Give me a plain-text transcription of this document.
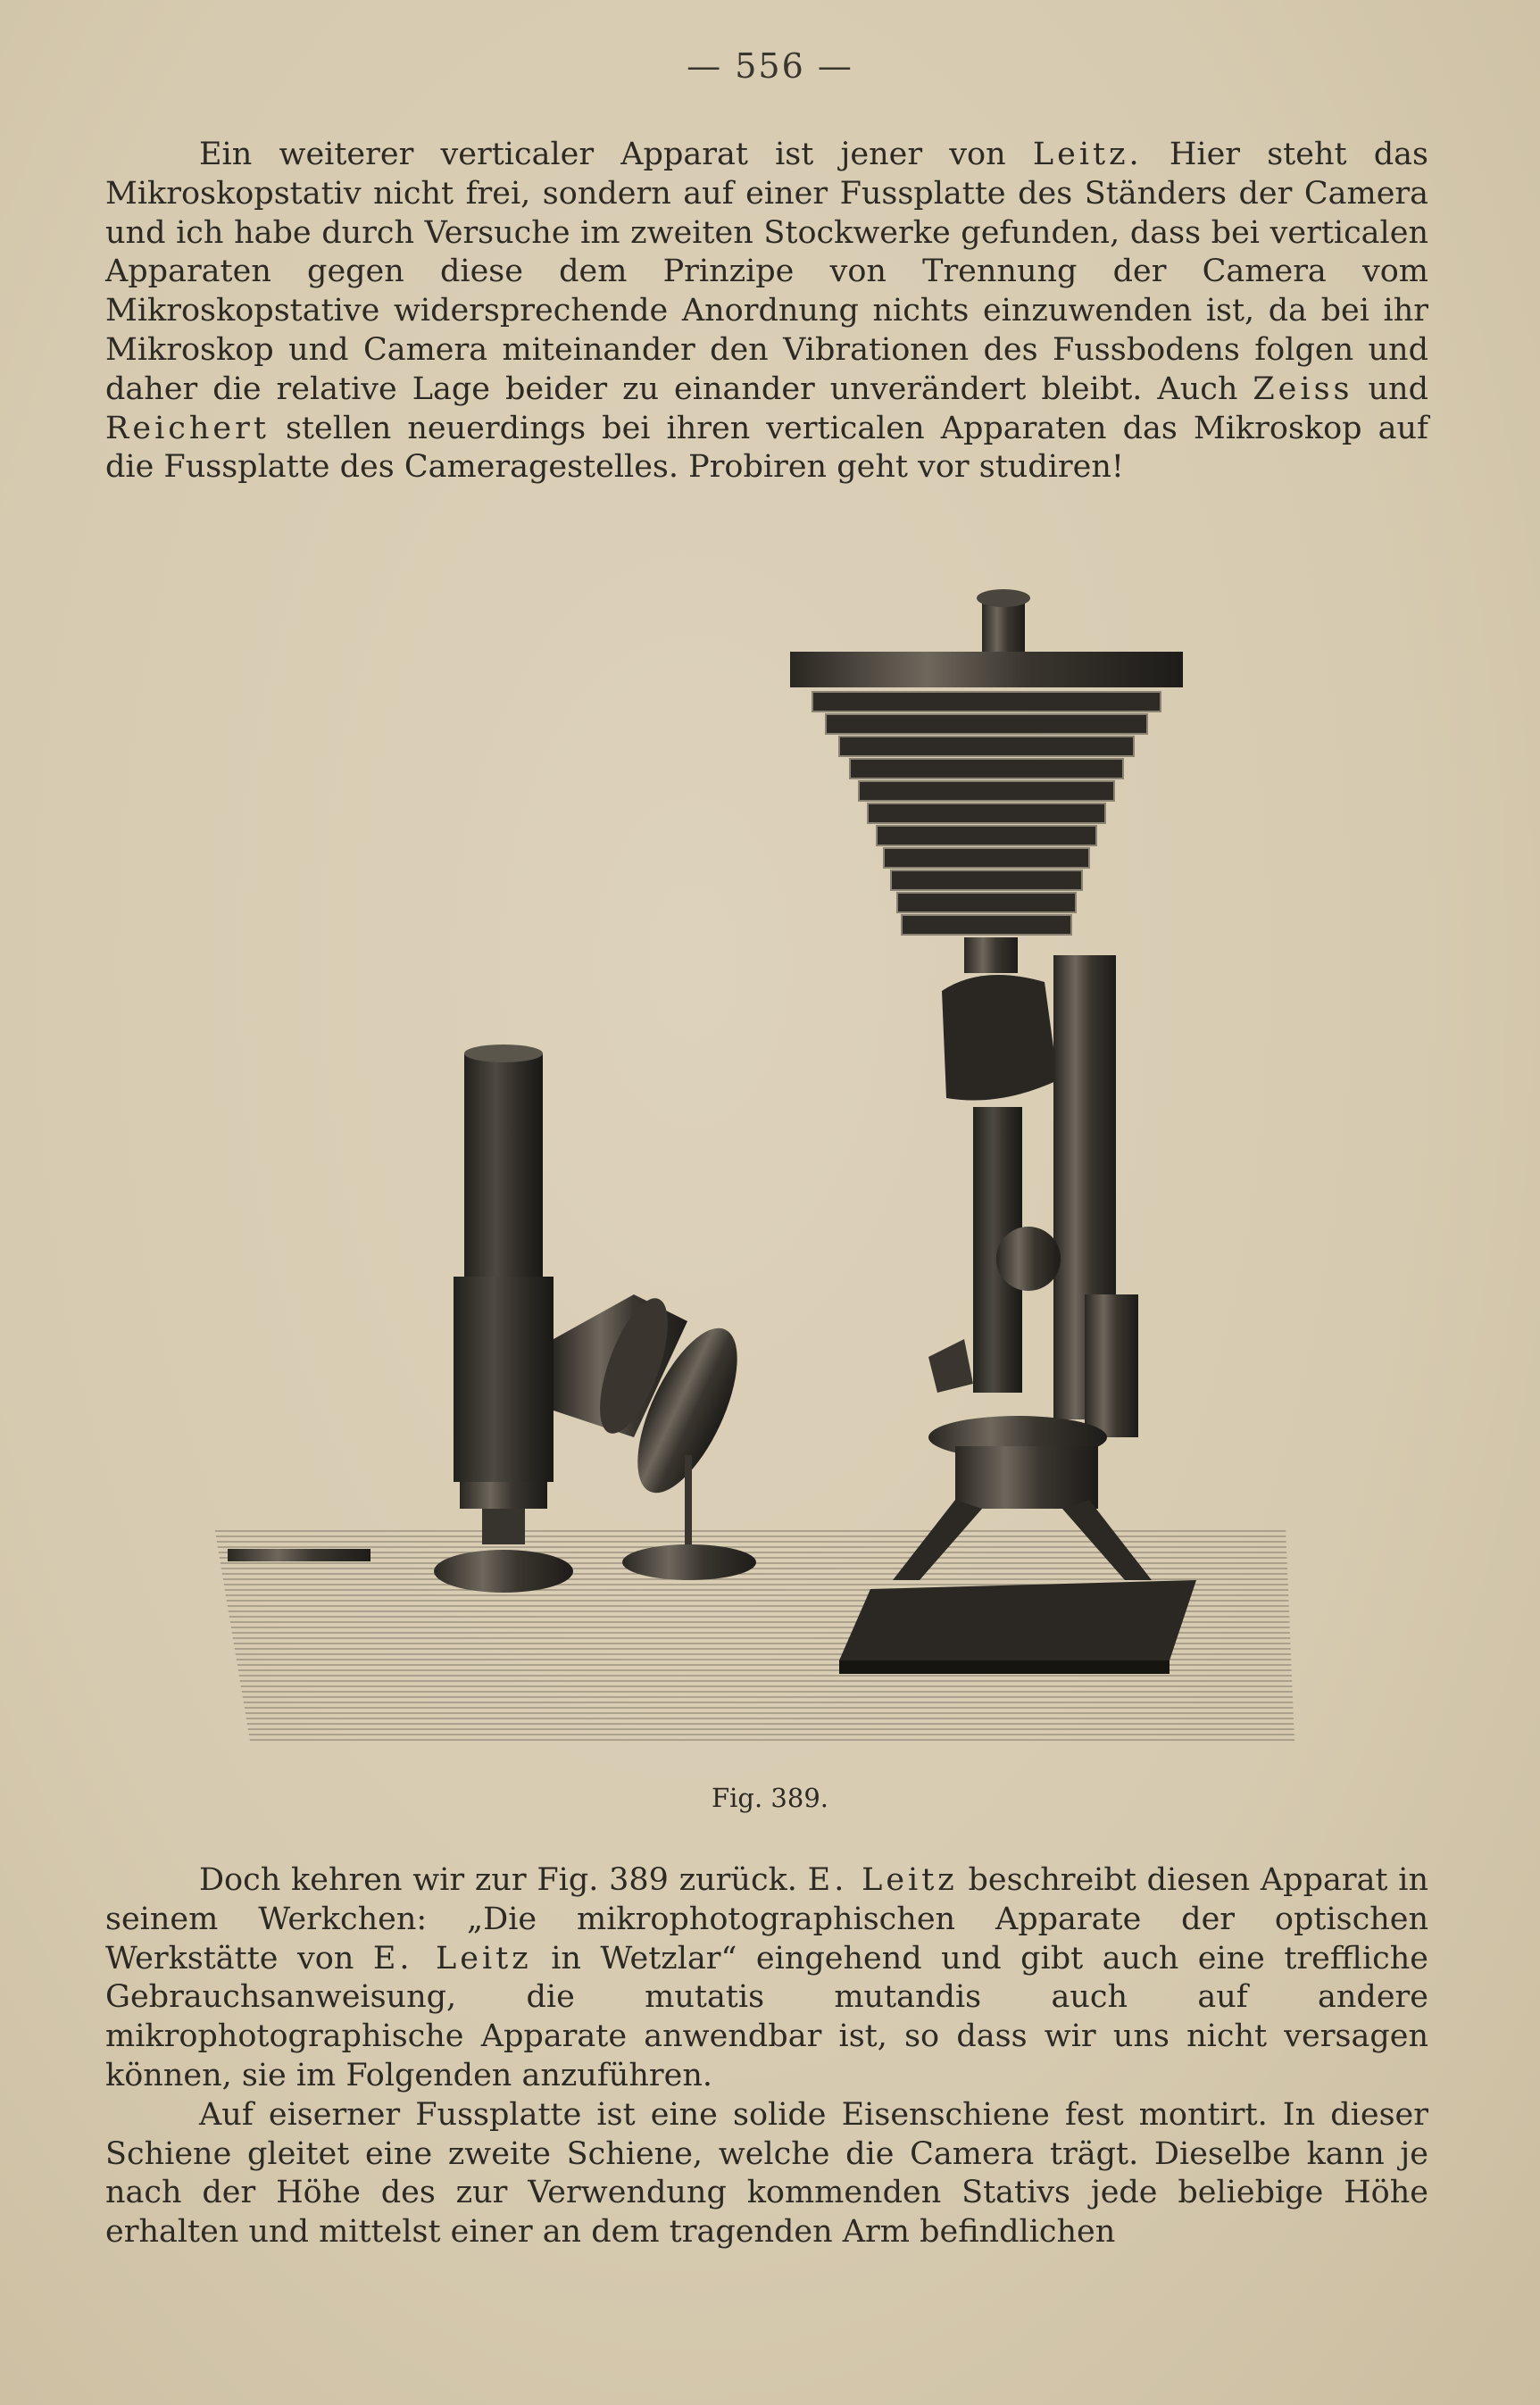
— 556 —

Ein weiterer verticaler Apparat ist jener von Leitz. Hier steht das Mikroskopstativ nicht frei, sondern auf einer Fussplatte des Ständers der Camera und ich habe durch Versuche im zweiten Stockwerke gefunden, dass bei verticalen Apparaten gegen diese dem Prinzipe von Trennung der Camera vom Mikroskopstative widersprechende Anordnung nichts einzuwenden ist, da bei ihr Mikroskop und Camera miteinander den Vibrationen des Fussbodens folgen und daher die relative Lage beider zu einander unverändert bleibt. Auch Zeiss und Reichert stellen neuerdings bei ihren verticalen Apparaten das Mikroskop auf die Fussplatte des Cameragestelles. Probiren geht vor studiren!

Fig. 389.

Doch kehren wir zur Fig. 389 zurück. E. Leitz beschreibt diesen Apparat in seinem Werkchen: „Die mikrophotographischen Apparate der optischen Werkstätte von E. Leitz in Wetzlar“ eingehend und gibt auch eine treffliche Gebrauchsanweisung, die mutatis mutandis auch auf andere mikrophotographische Apparate anwendbar ist, so dass wir uns nicht versagen können, sie im Folgenden anzuführen.

Auf eiserner Fussplatte ist eine solide Eisenschiene fest montirt. In dieser Schiene gleitet eine zweite Schiene, welche die Camera trägt. Dieselbe kann je nach der Höhe des zur Verwendung kommenden Stativs jede beliebige Höhe erhalten und mittelst einer an dem tragenden Arm befindlichen
